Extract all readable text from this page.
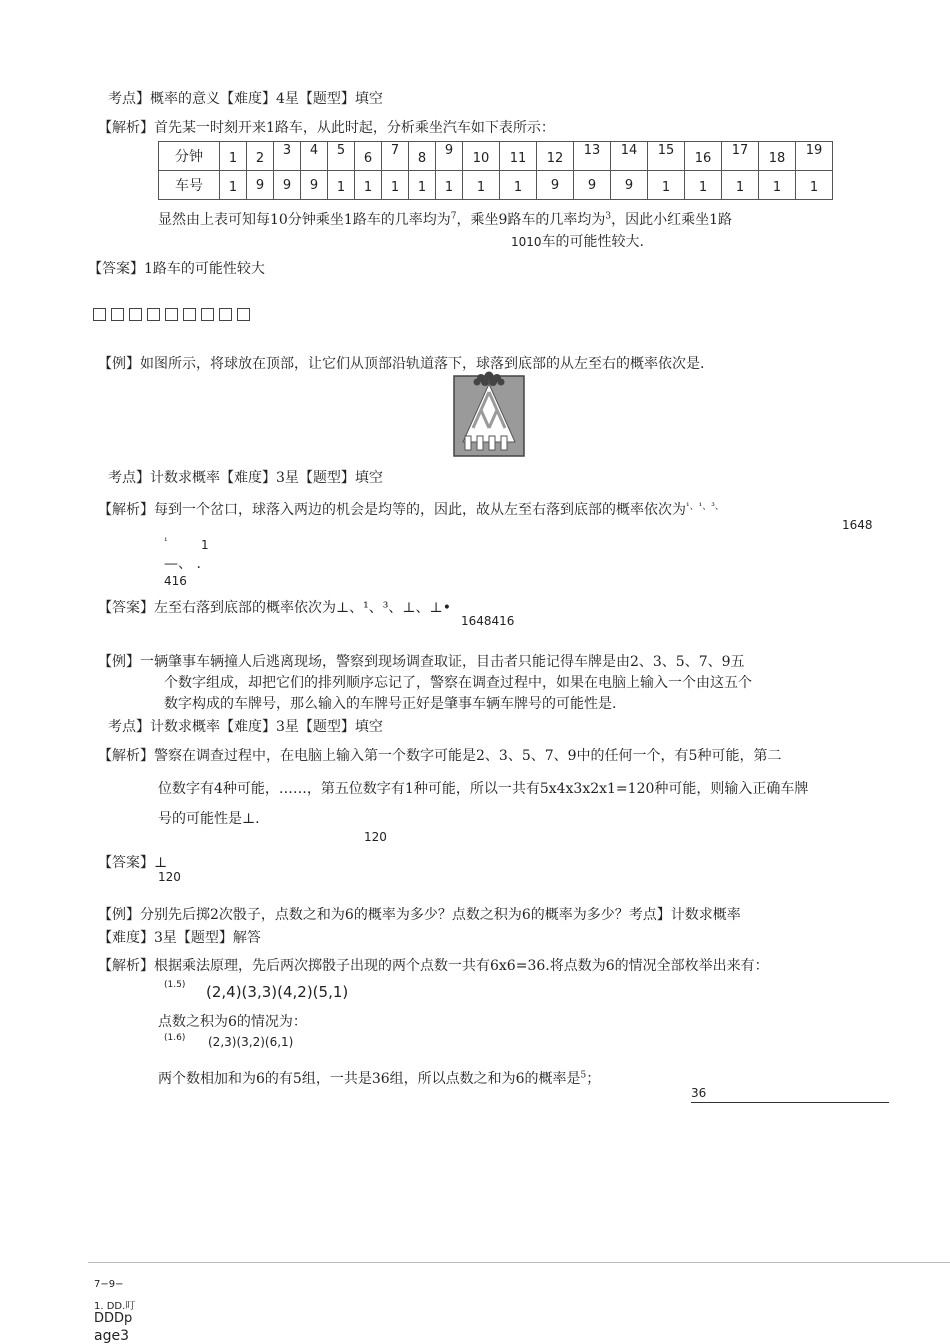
考点】概率的意义【难度】4星【题型】填空
【解析】首先某一时刻开来1路车，从此时起，分析乘坐汽车如下表所示：
分钟	1	2	3	4	5	6	7	8	9	10	11	12	13	14	15	16	17	18	19
车号	1	9	9	9	1	1	1	1	1	1	1	9	9	9	1	1	1	1	1
显然由上表可知每10分钟乘坐1路车的几率均为$^7$，乘坐9路车的几率均为$^3$，因此小红乘坐1路
1010车的可能性较大.
【答案】1路车的可能性较大
【例】如图所示，将球放在顶部，让它们从顶部沿轨道落下，球落到底部的从左至右的概率依次是.
考点】计数求概率【难度】3星【题型】填空
【解析】每到一个岔口，球落入两边的机会是均等的，因此，故从左至右落到底部的概率依次为$^{^1、^1、^3、}$
1648
¹	1
—、 .
416
【答案】左至右落到底部的概率依次为⊥、¹、³、⊥、⊥•
1648416
【例】一辆肇事车辆撞人后逃离现场，警察到现场调查取证，目击者只能记得车牌是由2、3、5、7、9五
个数字组成，却把它们的排列顺序忘记了，警察在调查过程中，如果在电脑上输入一个由这五个
数字构成的车牌号，那么输入的车牌号正好是肇事车辆车牌号的可能性是.
考点】计数求概率【难度】3星【题型】填空
【解析】警察在调查过程中，在电脑上输入第一个数字可能是2、3、5、7、9中的任何一个，有5种可能，第二
位数字有4种可能，……，第五位数字有1种可能，所以一共有5x4x3x2x1=120种可能，则输入正确车牌
号的可能性是⊥.
120
【答案】⊥
120
【例】分别先后掷2次骰子，点数之和为6的概率为多少？点数之积为6的概率为多少？考点】计数求概率
【难度】3星【题型】解答
【解析】根据乘法原理，先后两次掷骰子出现的两个点数一共有6x6=36.将点数为6的情况全部枚举出来有：
(1.5) (2,4)(3,3)(4,2)(5,1)
点数之积为6的情况为：
(1.6) (2,3)(3,2)(6,1)
两个数相加和为6的有5组，一共是36组，所以点数之和为6的概率是$^5$；
36
7−9−
1. DD.叮
DDDp
age3
